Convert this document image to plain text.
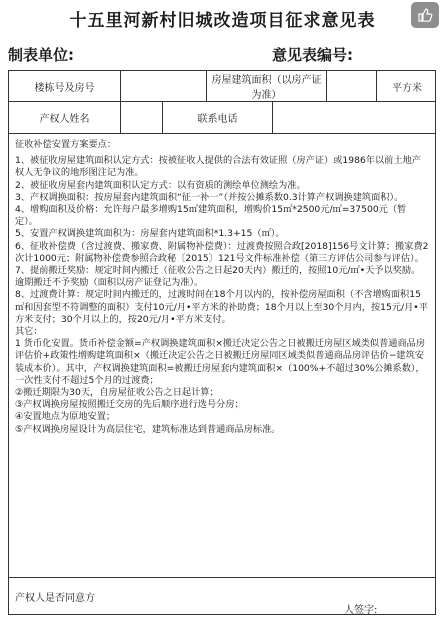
十五里河新村旧城改造项目征求意见表
制表单位:	意见表编号:
楼栋号及房号
房屋建筑面积（以房产证为准）
平方米
产权人姓名	联系电话

征收补偿安置方案要点：

1、被征收房屋建筑面积认定方式：按被征收人提供的合法有效证照（房产证）或1986年以前土地产权人无争议的地形图注记为准。

2、被征收房屋套内建筑面积认定方式：以有资质的测绘单位测绘为准。

3、产权调换面积：按房屋套内建筑面积“征一补一”（并按公摊系数0.3计算产权调换建筑面积）。

4、增购面积及价格：允许每户最多增购15㎡建筑面积，增购价15㎡*2500元/㎡=37500元（暂定）。

5、安置产权调换建筑面积为：房屋套内建筑面积*1.3+15（㎡）。

6、征收补偿费（含过渡费、搬家费、附属物补偿费）：过渡费按照合政[2018]156号文计算；搬家费2次计1000元；附属物补偿费参照合政秘〔2015〕121号文件标准补偿（第三方评估公司参与评估）。

7、提前搬迁奖励：规定时间内搬迁（征收公告之日起20天内）搬迁的，按照10元/㎡•天予以奖励。逾期搬迁不予奖励（面积以房产证登记为准）。

8、过渡费计算：规定时间内搬迁的，过渡时间在18个月以内的，按补偿房屋面积（不含增购面积15㎡和因套型不符调整的面积）支付10元/月•平方米的补助费；18个月以上至30个月内，按15元/月•平方米支付；30个月以上的，按20元/月•平方米支付。

其它：

1 货币化安置。货币补偿金额=产权调换建筑面积×搬迁决定公告之日被搬迁房屋区域类似普通商品房评估价+政策性增购建筑面积×（搬迁决定公告之日被搬迁房屋同区域类似普通商品房评估价−建筑安装成本价）。其中，产权调换建筑面积=被搬迁房屋套内建筑面积×（100%+不超过30%公摊系数），一次性支付不超过5个月的过渡费；

②搬迁期限为30天，自房屋征收公告之日起计算；

③产权调换房屋按照搬迁交房的先后顺序进行选号分房；

④安置地点为原地安置；

⑤产权调换房屋设计为高层住宅，建筑标准达到普通商品房标准。

产权人是否同意方
人签字:
